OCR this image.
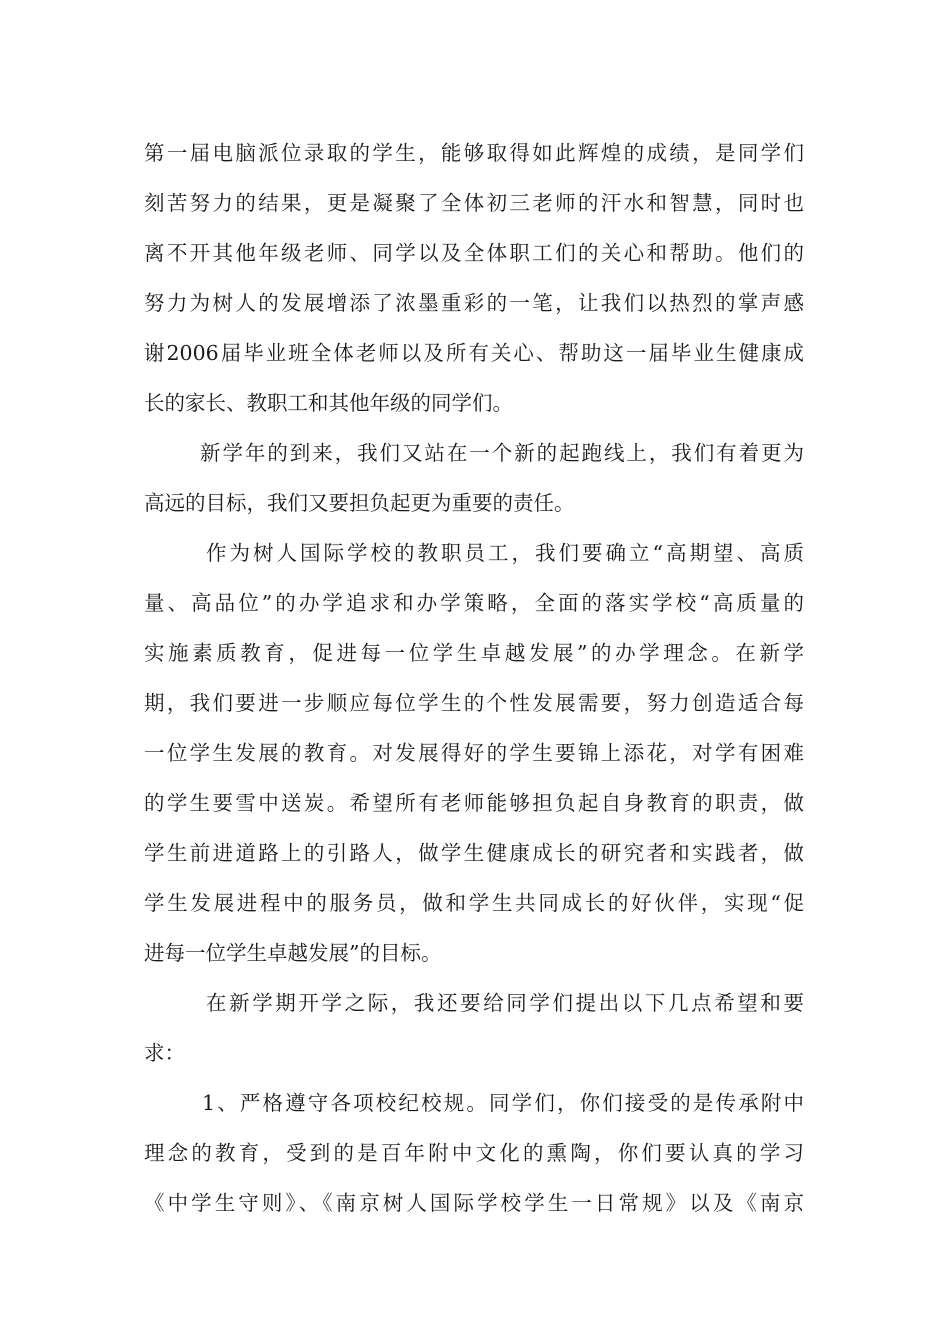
第一届电脑派位录取的学生，能够取得如此辉煌的成绩，是同学们
刻苦努力的结果，更是凝聚了全体初三老师的汗水和智慧，同时也
离不开其他年级老师、同学以及全体职工们的关心和帮助。他们的
努力为树人的发展增添了浓墨重彩的一笔，让我们以热烈的掌声感
谢2006届毕业班全体老师以及所有关心、帮助这一届毕业生健康成
长的家长、教职工和其他年级的同学们。
新学年的到来，我们又站在一个新的起跑线上，我们有着更为
高远的目标，我们又要担负起更为重要的责任。
作为树人国际学校的教职员工，我们要确立“高期望、高质
量、高品位”的办学追求和办学策略，全面的落实学校“高质量的
实施素质教育，促进每一位学生卓越发展”的办学理念。在新学
期，我们要进一步顺应每位学生的个性发展需要，努力创造适合每
一位学生发展的教育。对发展得好的学生要锦上添花，对学有困难
的学生要雪中送炭。希望所有老师能够担负起自身教育的职责，做
学生前进道路上的引路人，做学生健康成长的研究者和实践者，做
学生发展进程中的服务员，做和学生共同成长的好伙伴，实现“促
进每一位学生卓越发展”的目标。
在新学期开学之际，我还要给同学们提出以下几点希望和要
求：
1、严格遵守各项校纪校规。同学们，你们接受的是传承附中
理念的教育，受到的是百年附中文化的熏陶，你们要认真的学习
《中学生守则》、《南京树人国际学校学生一日常规》以及《南京
